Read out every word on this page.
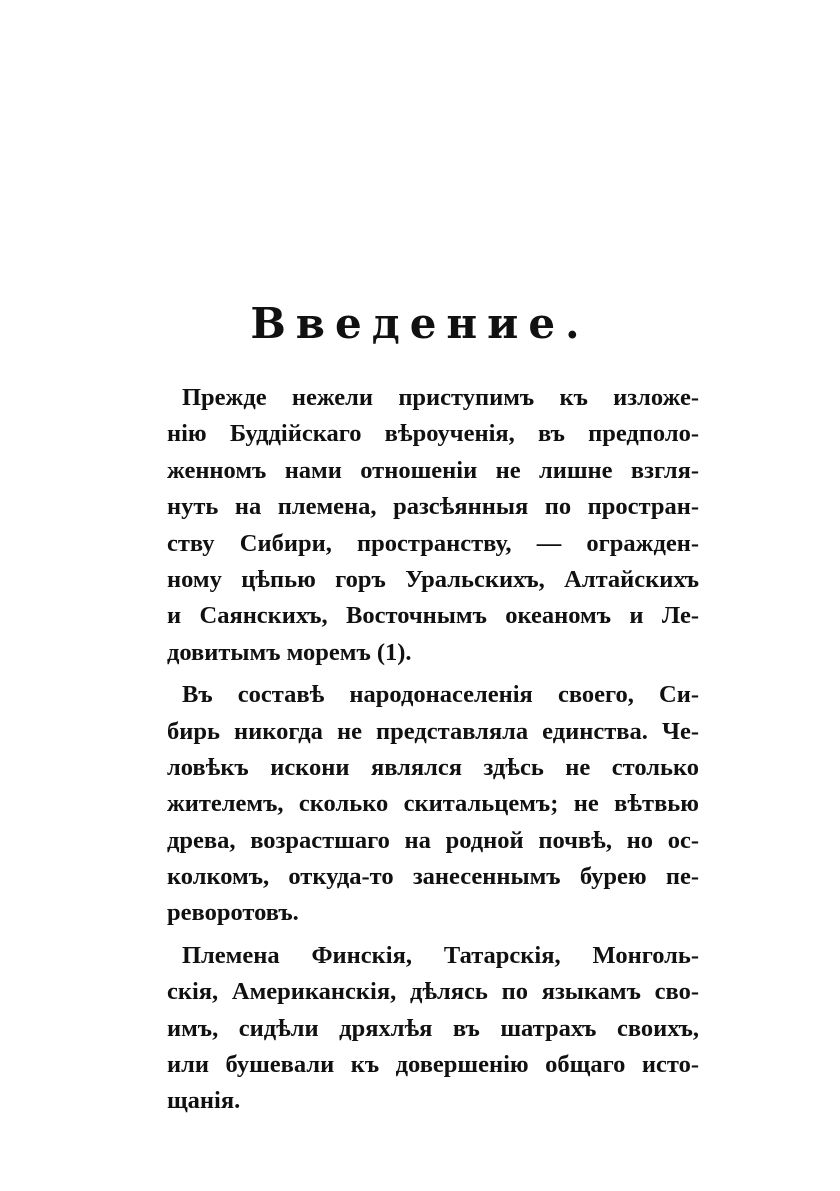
Введение.
Прежде нежели приступимъ къ изложе-
нію Буддійскаго вѣроученія, въ предполо-
женномъ нами отношеніи не лишне взгля-
нуть на племена, разсѣянныя по простран-
ству Сибири, пространству, — огражден-
ному цѣпью горъ Уральскихъ, Алтайскихъ
и Саянскихъ, Восточнымъ океаномъ и Ле-
довитымъ моремъ (1).
Въ составѣ народонаселенія своего, Си-
бирь никогда не представляла единства. Че-
ловѣкъ искони являлся здѣсь не столько
жителемъ, сколько скитальцемъ; не вѣтвью
древа, возрастшаго на родной почвѣ, но ос-
колкомъ, откуда-то занесеннымъ бурею пе-
реворотовъ.
Племена Финскія, Татарскія, Монголь-
скія, Американскія, дѣлясь по языкамъ сво-
имъ, сидѣли дряхлѣя въ шатрахъ своихъ,
или бушевали къ довершенію общаго исто-
щанія.
